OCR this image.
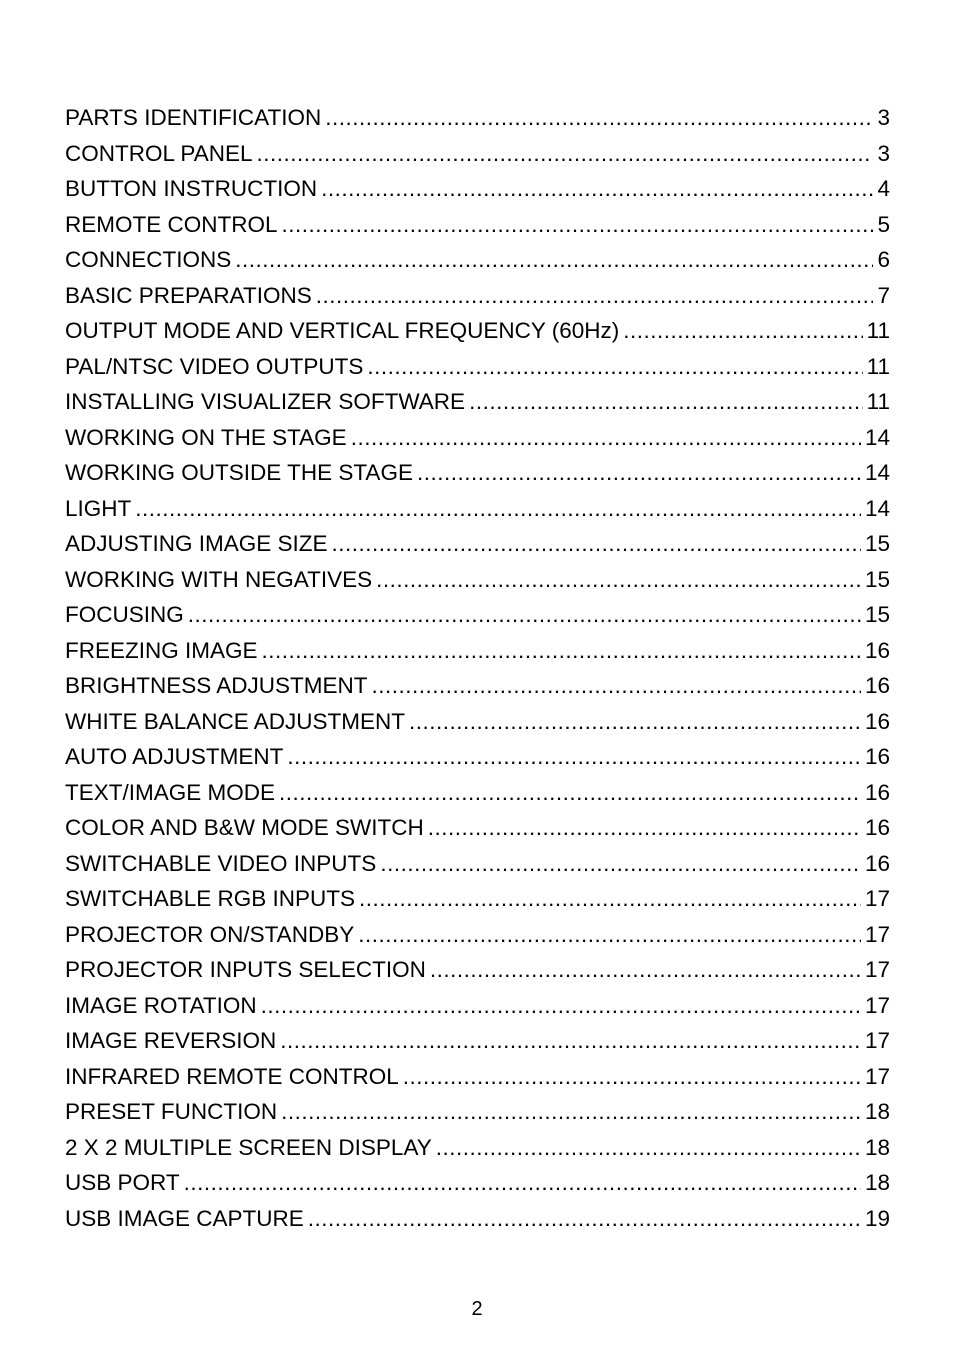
PARTS IDENTIFICATION .....	3
CONTROL PANEL .....	3
BUTTON INSTRUCTION .....	4
REMOTE CONTROL .....	5
CONNECTIONS .....	6
BASIC PREPARATIONS .....	7
OUTPUT MODE AND VERTICAL FREQUENCY (60Hz) .....	11
PAL/NTSC VIDEO OUTPUTS .....	11
INSTALLING VISUALIZER SOFTWARE .....	11
WORKING ON THE STAGE .....	14
WORKING OUTSIDE THE STAGE .....	14
LIGHT .....	14
ADJUSTING IMAGE SIZE .....	15
WORKING WITH NEGATIVES .....	15
FOCUSING .....	15
FREEZING IMAGE .....	16
BRIGHTNESS ADJUSTMENT .....	16
WHITE BALANCE ADJUSTMENT .....	16
AUTO ADJUSTMENT .....	16
TEXT/IMAGE MODE .....	16
COLOR AND B&W MODE SWITCH .....	16
SWITCHABLE VIDEO INPUTS .....	16
SWITCHABLE RGB INPUTS .....	17
PROJECTOR ON/STANDBY .....	17
PROJECTOR INPUTS SELECTION .....	17
IMAGE ROTATION .....	17
IMAGE REVERSION .....	17
INFRARED REMOTE CONTROL .....	17
PRESET FUNCTION .....	18
2 X 2 MULTIPLE SCREEN DISPLAY .....	18
USB PORT .....	18
USB IMAGE CAPTURE .....	19
2
